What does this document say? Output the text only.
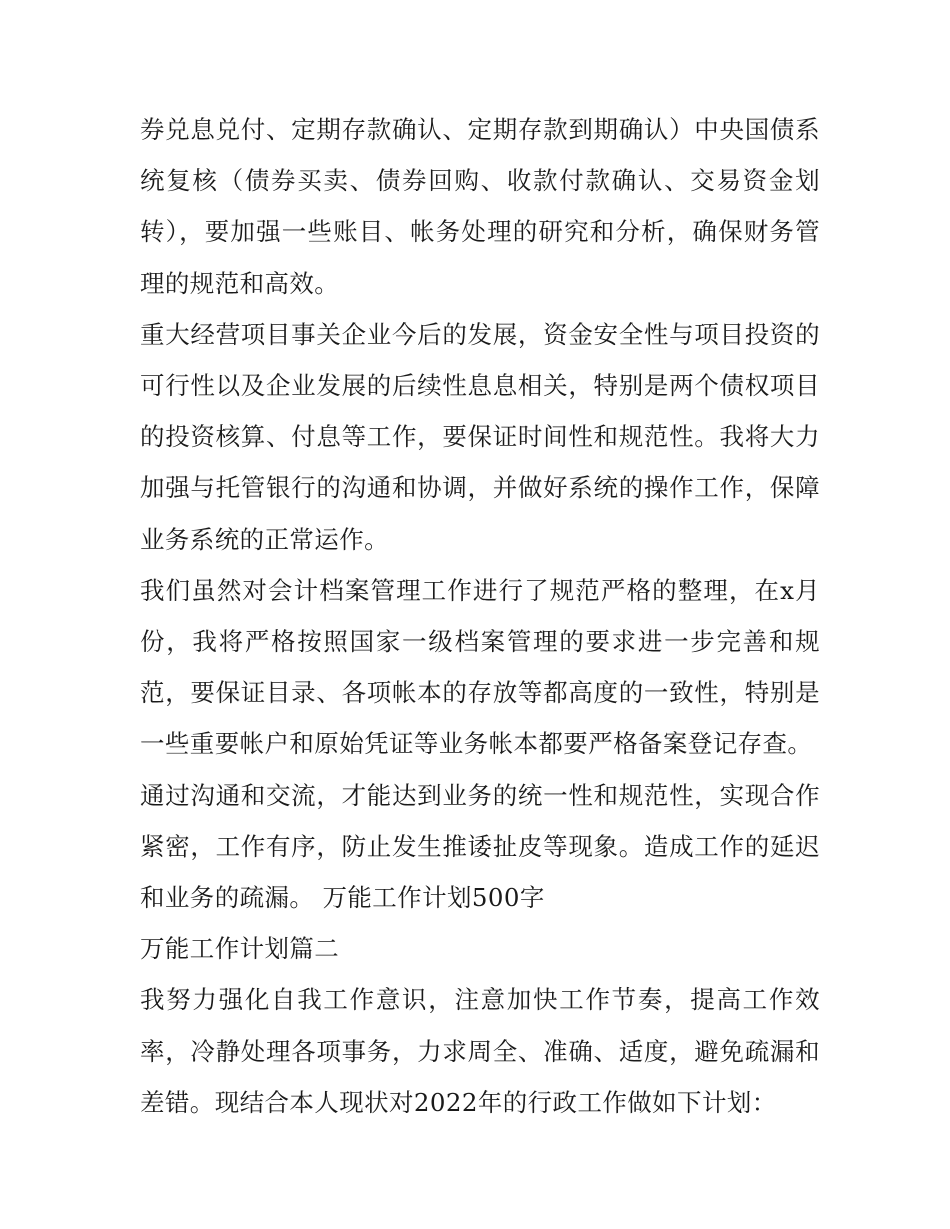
券兑息兑付、定期存款确认、定期存款到期确认）中央国债系统复核（债券买卖、债券回购、收款付款确认、交易资金划转），要加强一些账目、帐务处理的研究和分析，确保财务管理的规范和高效。

重大经营项目事关企业今后的发展，资金安全性与项目投资的可行性以及企业发展的后续性息息相关，特别是两个债权项目的投资核算、付息等工作，要保证时间性和规范性。我将大力加强与托管银行的沟通和协调，并做好系统的操作工作，保障业务系统的正常运作。

我们虽然对会计档案管理工作进行了规范严格的整理，在x月份，我将严格按照国家一级档案管理的要求进一步完善和规范，要保证目录、各项帐本的存放等都高度的一致性，特别是一些重要帐户和原始凭证等业务帐本都要严格备案登记存查。

通过沟通和交流，才能达到业务的统一性和规范性，实现合作紧密，工作有序，防止发生推诿扯皮等现象。造成工作的延迟和业务的疏漏。 万能工作计划500字

万能工作计划篇二

我努力强化自我工作意识，注意加快工作节奏，提高工作效率，冷静处理各项事务，力求周全、准确、适度，避免疏漏和差错。现结合本人现状对2022年的行政工作做如下计划：
